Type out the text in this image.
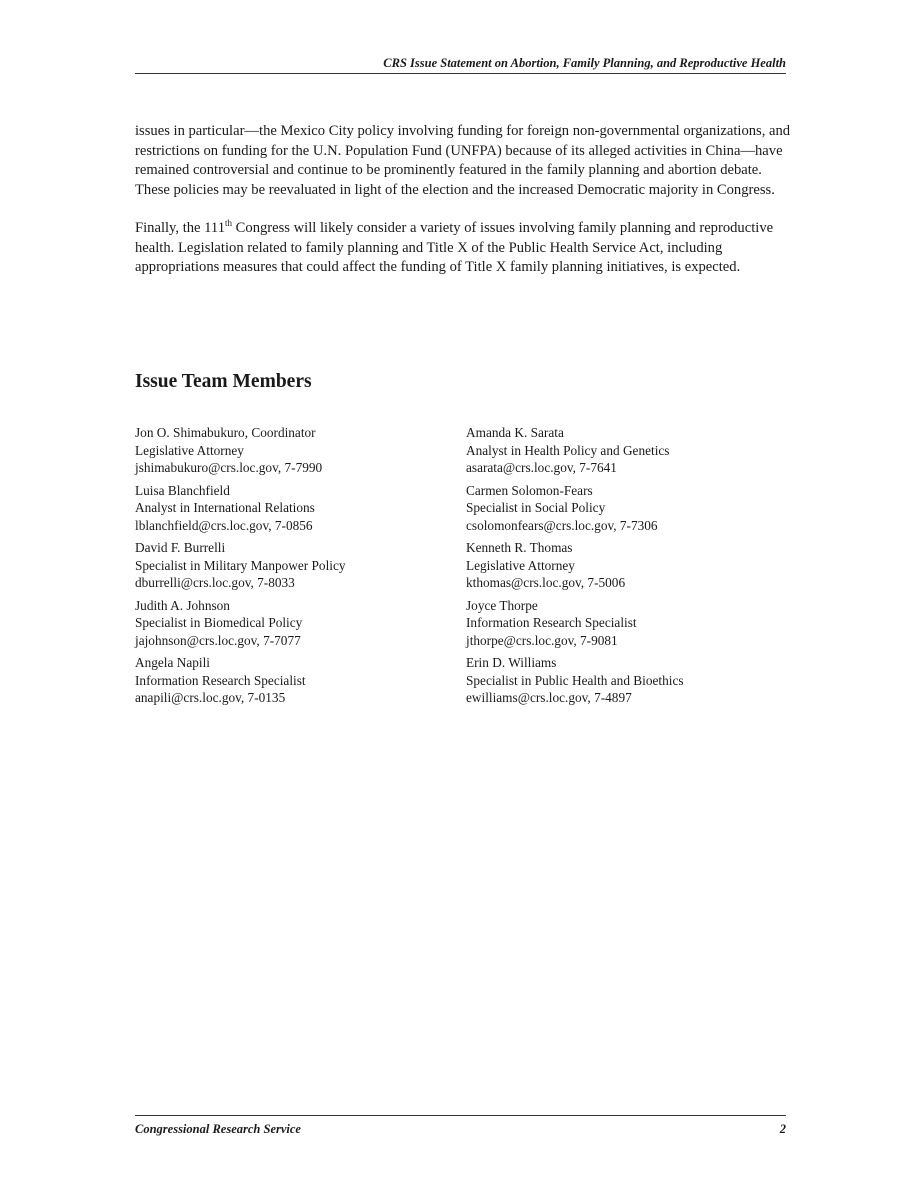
CRS Issue Statement on Abortion, Family Planning, and Reproductive Health

issues in particular—the Mexico City policy involving funding for foreign non-governmental organizations, and restrictions on funding for the U.N. Population Fund (UNFPA) because of its alleged activities in China—have remained controversial and continue to be prominently featured in the family planning and abortion debate. These policies may be reevaluated in light of the election and the increased Democratic majority in Congress.

Finally, the 111th Congress will likely consider a variety of issues involving family planning and reproductive health. Legislation related to family planning and Title X of the Public Health Service Act, including appropriations measures that could affect the funding of Title X family planning initiatives, is expected.

Issue Team Members
Jon O. Shimabukuro, Coordinator
Legislative Attorney
jshimabukuro@crs.loc.gov, 7-7990
Amanda K. Sarata
Analyst in Health Policy and Genetics
asarata@crs.loc.gov, 7-7641
Luisa Blanchfield
Analyst in International Relations
lblanchfield@crs.loc.gov, 7-0856
Carmen Solomon-Fears
Specialist in Social Policy
csolomonfears@crs.loc.gov, 7-7306
David F. Burrelli
Specialist in Military Manpower Policy
dburrelli@crs.loc.gov, 7-8033
Kenneth R. Thomas
Legislative Attorney
kthomas@crs.loc.gov, 7-5006
Judith A. Johnson
Specialist in Biomedical Policy
jajohnson@crs.loc.gov, 7-7077
Joyce Thorpe
Information Research Specialist
jthorpe@crs.loc.gov, 7-9081
Angela Napili
Information Research Specialist
anapili@crs.loc.gov, 7-0135
Erin D. Williams
Specialist in Public Health and Bioethics
ewilliams@crs.loc.gov, 7-4897
Congressional Research Service	2
